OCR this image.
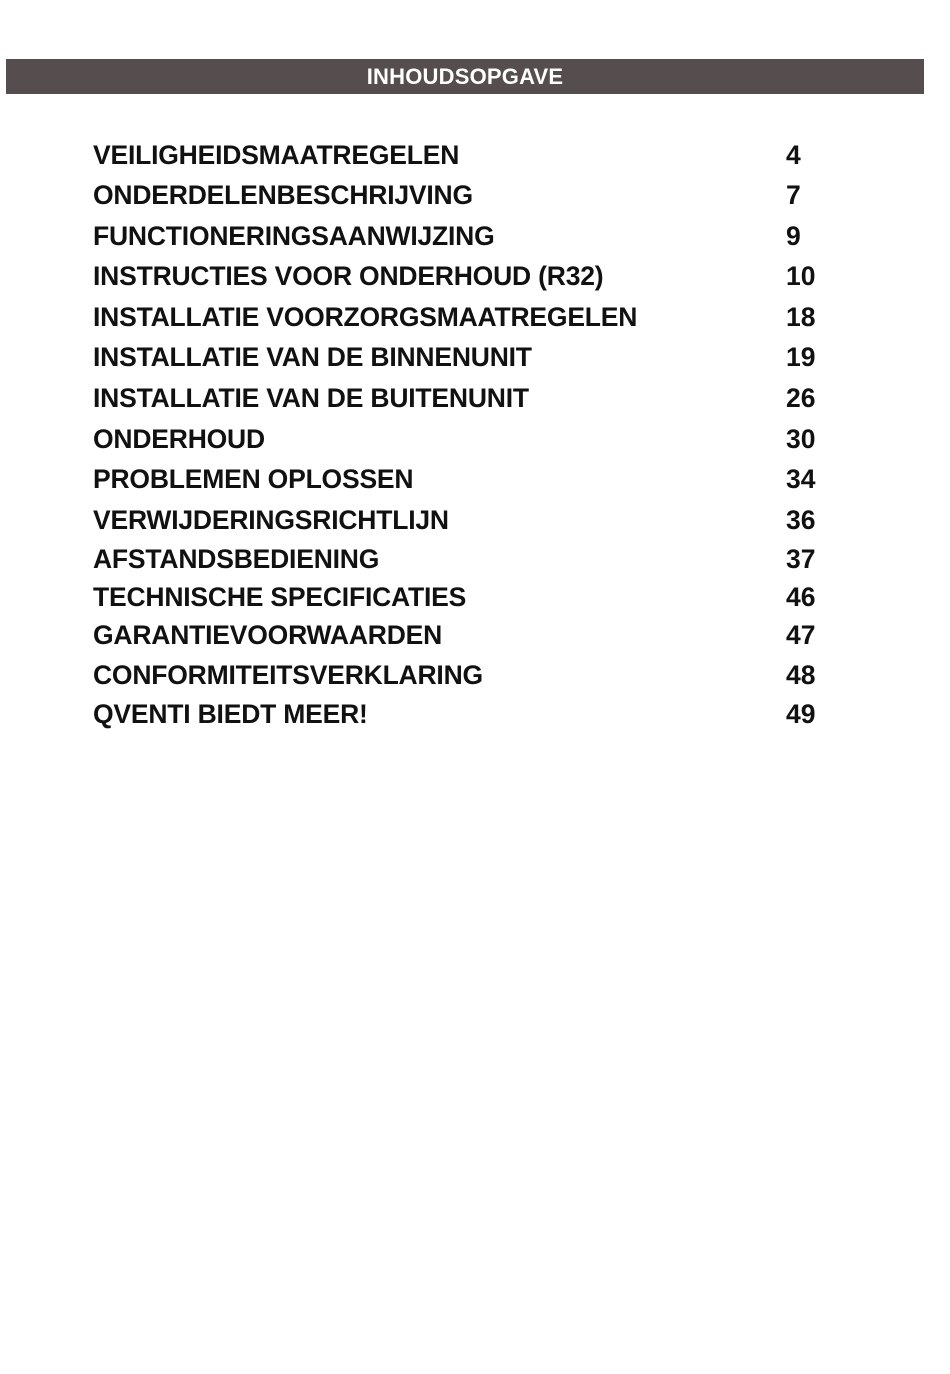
INHOUDSOPGAVE
VEILIGHEIDSMAATREGELEN	4
ONDERDELENBESCHRIJVING	7
FUNCTIONERINGSAANWIJZING	9
INSTRUCTIES VOOR ONDERHOUD (R32)	10
INSTALLATIE VOORZORGSMAATREGELEN	18
INSTALLATIE VAN DE BINNENUNIT	19
INSTALLATIE VAN DE BUITENUNIT	26
ONDERHOUD	30
PROBLEMEN OPLOSSEN	34
VERWIJDERINGSRICHTLIJN	36
AFSTANDSBEDIENING	37
TECHNISCHE SPECIFICATIES	46
GARANTIEVOORWAARDEN	47
CONFORMITEITSVERKLARING	48
QVENTI BIEDT MEER!	49
